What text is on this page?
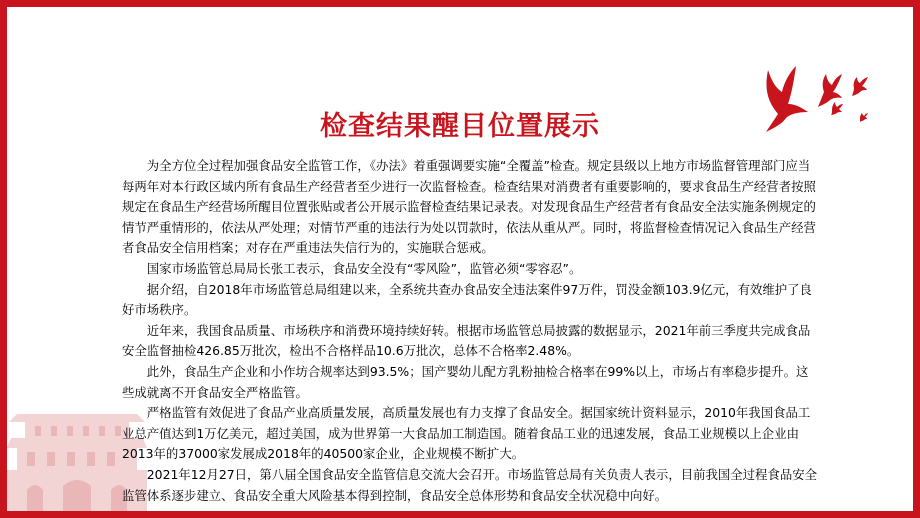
检查结果醒目位置展示

为全方位全过程加强食品安全监管工作，《办法》着重强调要实施“全覆盖”检查。规定县级以上地方市场监督管理部门应当每两年对本行政区域内所有食品生产经营者至少进行一次监督检查。检查结果对消费者有重要影响的，要求食品生产经营者按照规定在食品生产经营场所醒目位置张贴或者公开展示监督检查结果记录表。对发现食品生产经营者有食品安全法实施条例规定的情节严重情形的，依法从严处理；对情节严重的违法行为处以罚款时，依法从重从严。同时，将监督检查情况记入食品生产经营者食品安全信用档案；对存在严重违法失信行为的，实施联合惩戒。

国家市场监管总局局长张工表示，食品安全没有“零风险”，监管必须“零容忍”。

据介绍，自2018年市场监管总局组建以来，全系统共查办食品安全违法案件97万件，罚没金额103.9亿元，有效维护了良好市场秩序。

近年来，我国食品质量、市场秩序和消费环境持续好转。根据市场监管总局披露的数据显示，2021年前三季度共完成食品安全监督抽检426.85万批次，检出不合格样品10.6万批次，总体不合格率2.48%。

此外，食品生产企业和小作坊合规率达到93.5%；国产婴幼儿配方乳粉抽检合格率在99%以上，市场占有率稳步提升。这些成就离不开食品安全严格监管。

严格监管有效促进了食品产业高质量发展，高质量发展也有力支撑了食品安全。据国家统计资料显示，2010年我国食品工业总产值达到1万亿美元，超过美国，成为世界第一大食品加工制造国。随着食品工业的迅速发展，食品工业规模以上企业由2013年的37000家发展成2018年的40500家企业，企业规模不断扩大。

2021年12月27日，第八届全国食品安全监管信息交流大会召开。市场监管总局有关负责人表示，目前我国全过程食品安全监管体系逐步建立、食品安全重大风险基本得到控制，食品安全总体形势和食品安全状况稳中向好。
